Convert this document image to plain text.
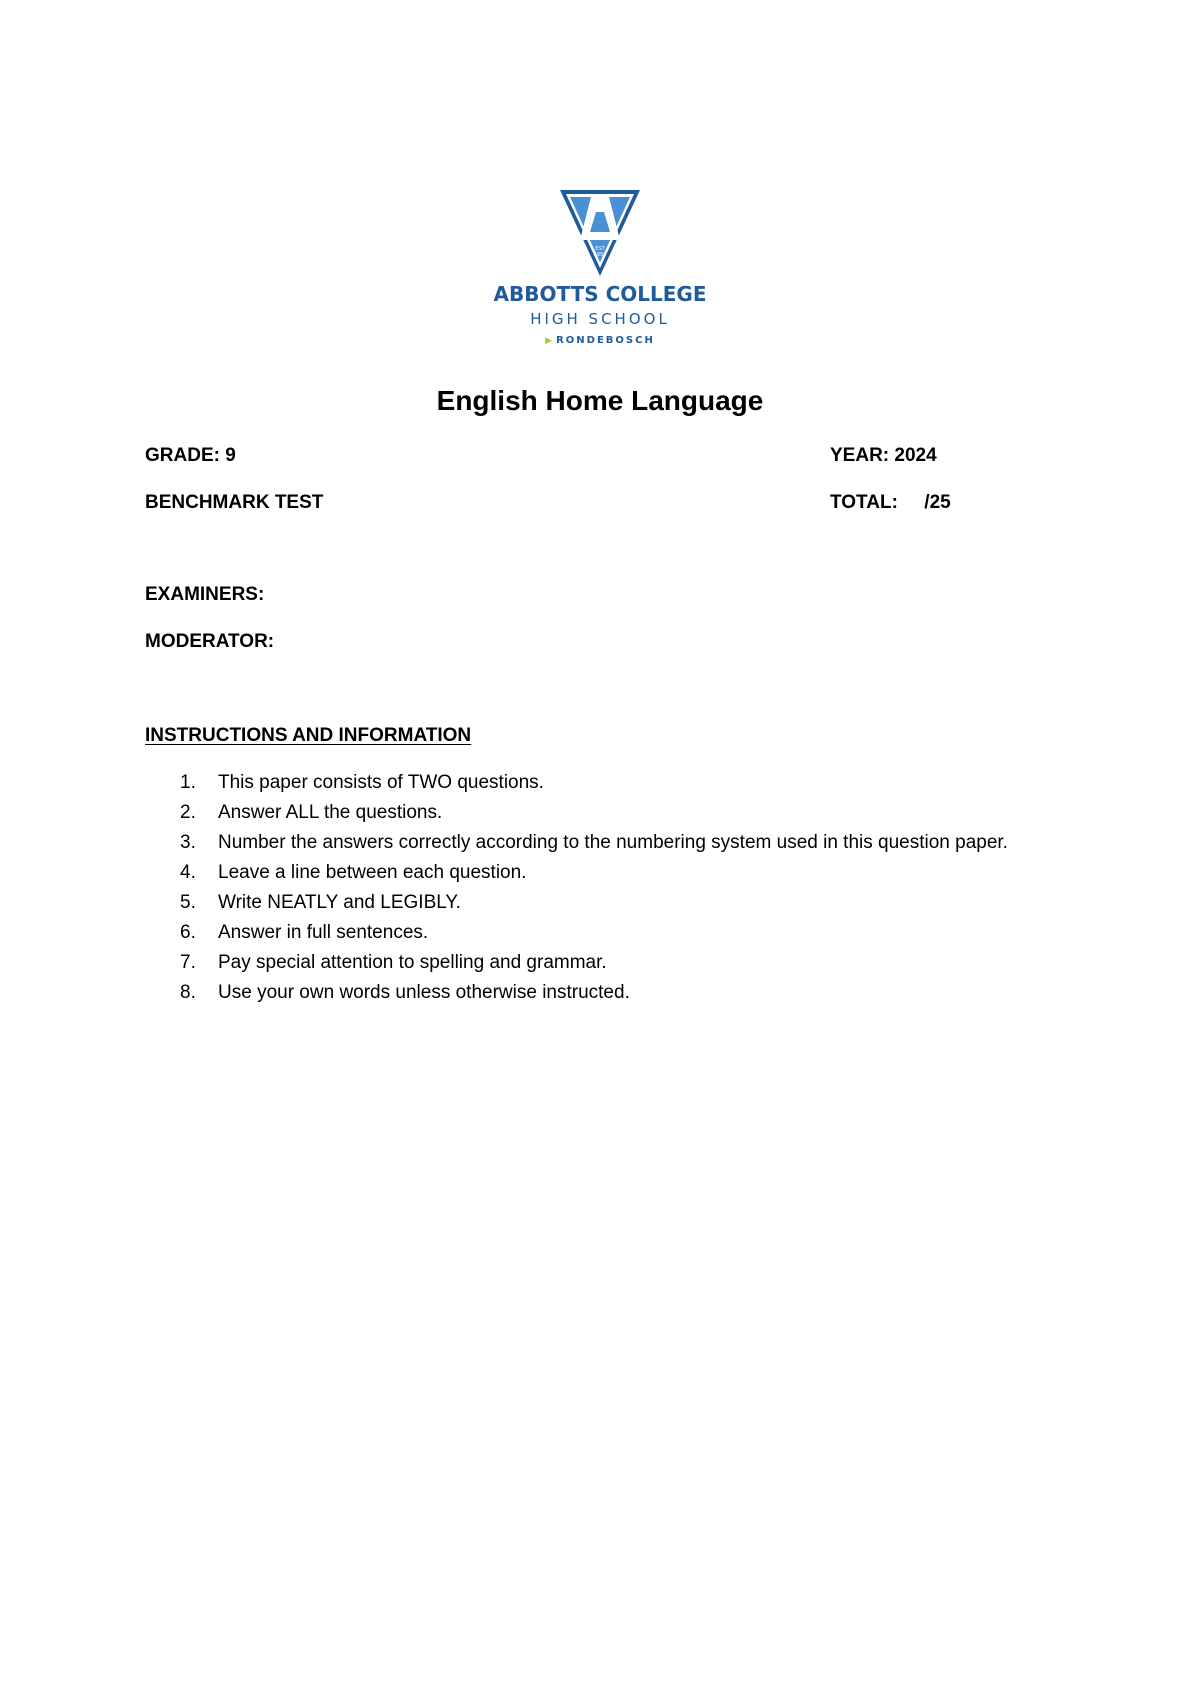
EST
1957
ABBOTTS COLLEGE
HIGH SCHOOL
▶ RONDEBOSCH
English Home Language
GRADE: 9	YEAR: 2024
BENCHMARK TEST	TOTAL:     /25
EXAMINERS:
MODERATOR:
INSTRUCTIONS AND INFORMATION
1. This paper consists of TWO questions.
2. Answer ALL the questions.
3. Number the answers correctly according to the numbering system used in this question paper.
4. Leave a line between each question.
5. Write NEATLY and LEGIBLY.
6. Answer in full sentences.
7. Pay special attention to spelling and grammar.
8. Use your own words unless otherwise instructed.
